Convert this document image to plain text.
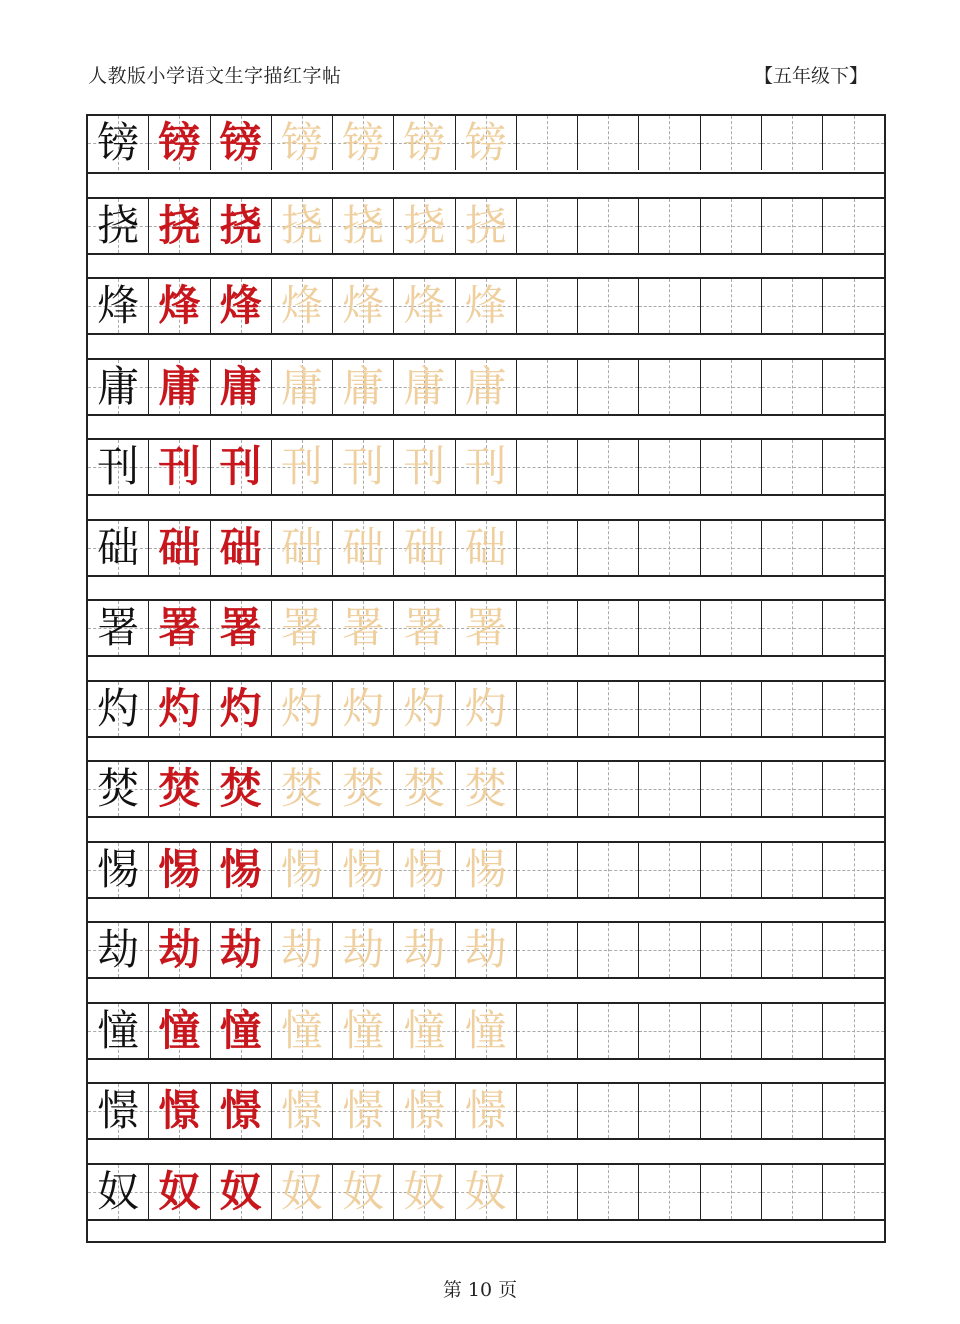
人教版小学语文生字描红字帖	【五年级下】
镑 镑 镑 镑 镑 镑 镑
挠 挠 挠 挠 挠 挠 挠
烽 烽 烽 烽 烽 烽 烽
庸 庸 庸 庸 庸 庸 庸
刊 刊 刊 刊 刊 刊 刊
础 础 础 础 础 础 础
署 署 署 署 署 署 署
灼 灼 灼 灼 灼 灼 灼
焚 焚 焚 焚 焚 焚 焚
惕 惕 惕 惕 惕 惕 惕
劫 劫 劫 劫 劫 劫 劫
憧 憧 憧 憧 憧 憧 憧
憬 憬 憬 憬 憬 憬 憬
奴 奴 奴 奴 奴 奴 奴
第 10 页
